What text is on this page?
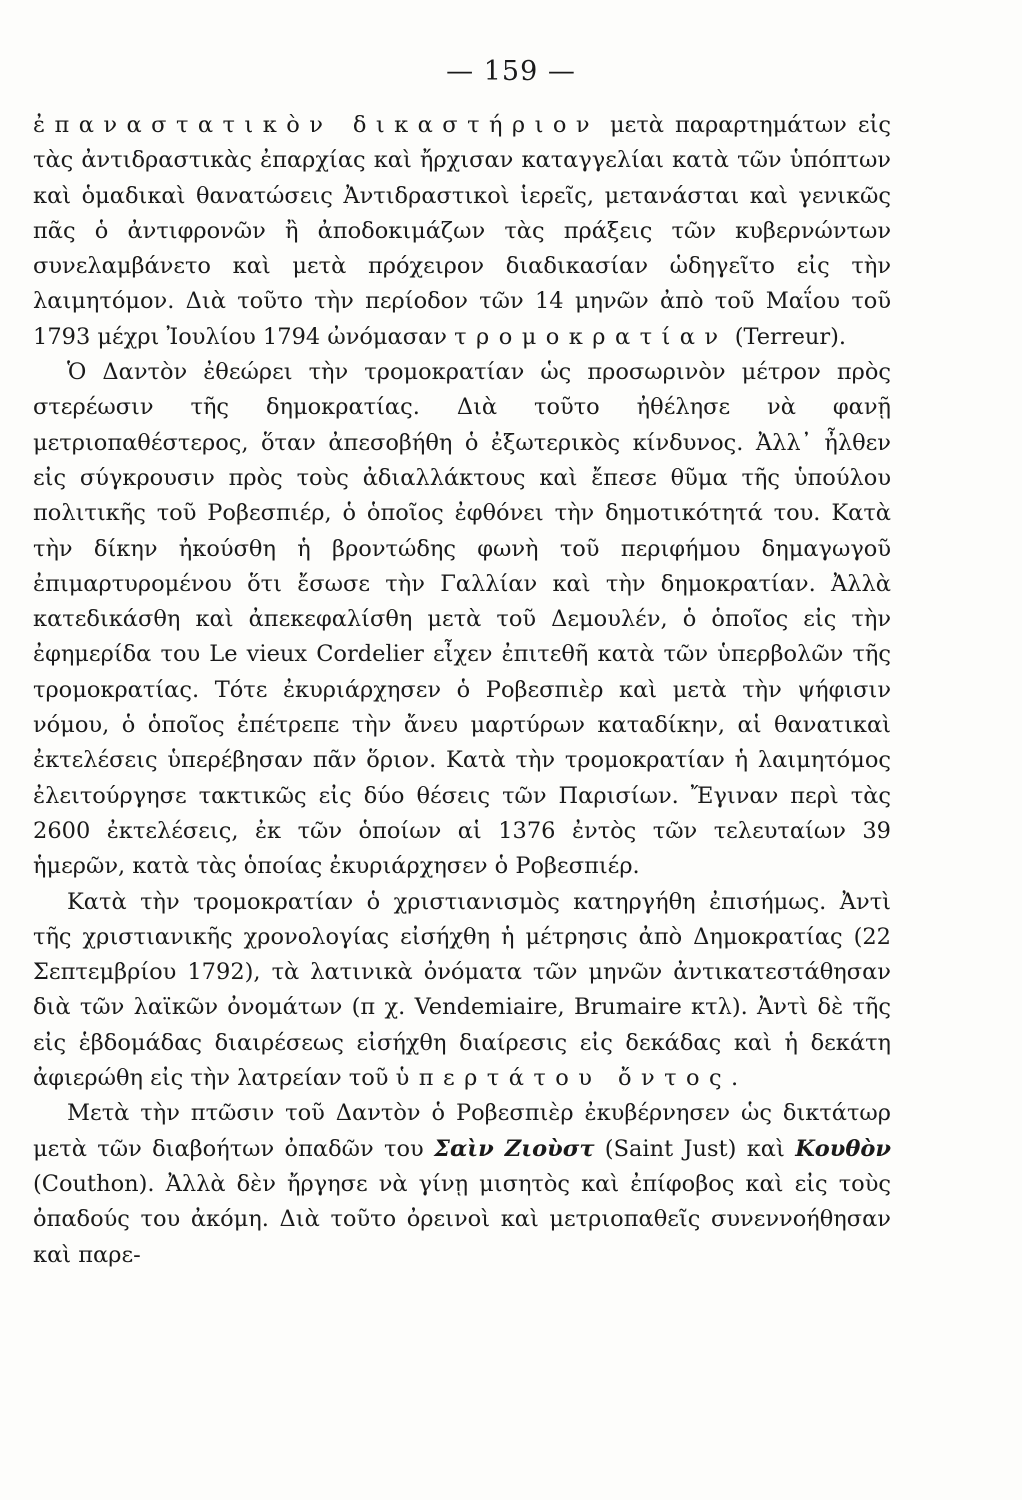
— 159 —

ἐπαναστατικὸν δικαστήριον μετὰ παραρτημάτων εἰς τὰς ἀντιδραστικὰς ἐπαρχίας καὶ ἤρχισαν καταγγελίαι κατὰ τῶν ὑπόπτων καὶ ὁμαδικαὶ θανατώσεις Ἀντιδραστικοὶ ἱερεῖς, μετανάσται καὶ γενικῶς πᾶς ὁ ἀντιφρονῶν ἢ ἀποδοκιμάζων τὰς πράξεις τῶν κυβερνώντων συνελαμβάνετο καὶ μετὰ πρόχειρον διαδικασίαν ὡδηγεῖτο εἰς τὴν λαιμητόμον. Διὰ τοῦτο τὴν περίοδον τῶν 14 μηνῶν ἀπὸ τοῦ Μαΐου τοῦ 1793 μέχρι Ἰουλίου 1794 ὠνόμασαν τρομοκρατίαν (Terreur).

Ὁ Δαντὸν ἐθεώρει τὴν τρομοκρατίαν ὡς προσωρινὸν μέτρον πρὸς στερέωσιν τῆς δημοκρατίας. Διὰ τοῦτο ἠθέλησε νὰ φανῇ μετριοπαθέστερος, ὅταν ἀπεσοβήθη ὁ ἐξωτερικὸς κίνδυνος. Ἀλλ᾽ ἦλθεν εἰς σύγκρουσιν πρὸς τοὺς ἀδιαλλάκτους καὶ ἔπεσε θῦμα τῆς ὑπούλου πολιτικῆς τοῦ Ροβεσπιέρ, ὁ ὁποῖος ἐφθόνει τὴν δημοτικότητά του. Κατὰ τὴν δίκην ἠκούσθη ἡ βροντώδης φωνὴ τοῦ περιφήμου δημαγωγοῦ ἐπιμαρτυρομένου ὅτι ἔσωσε τὴν Γαλλίαν καὶ τὴν δημοκρατίαν. Ἀλλὰ κατεδικάσθη καὶ ἀπεκεφαλίσθη μετὰ τοῦ Δεμουλέν, ὁ ὁποῖος εἰς τὴν ἐφημερίδα του Le vieux Cordelier εἶχεν ἐπιτεθῆ κατὰ τῶν ὑπερβολῶν τῆς τρομοκρατίας. Τότε ἐκυριάρχησεν ὁ Ροβεσπιὲρ καὶ μετὰ τὴν ψήφισιν νόμου, ὁ ὁποῖος ἐπέτρεπε τὴν ἄνευ μαρτύρων καταδίκην, αἱ θανατικαὶ ἐκτελέσεις ὑπερέβησαν πᾶν ὅριον. Κατὰ τὴν τρομοκρατίαν ἡ λαιμητόμος ἐλειτούργησε τακτικῶς εἰς δύο θέσεις τῶν Παρισίων. Ἔγιναν περὶ τὰς 2600 ἐκτελέσεις, ἐκ τῶν ὁποίων αἱ 1376 ἐντὸς τῶν τελευταίων 39 ἡμερῶν, κατὰ τὰς ὁποίας ἐκυριάρχησεν ὁ Ροβεσπιέρ.

Κατὰ τὴν τρομοκρατίαν ὁ χριστιανισμὸς κατηργήθη ἐπισήμως. Ἀντὶ τῆς χριστιανικῆς χρονολογίας εἰσήχθη ἡ μέτρησις ἀπὸ Δημοκρατίας (22 Σεπτεμβρίου 1792), τὰ λατινικὰ ὀνόματα τῶν μηνῶν ἀντικατεστάθησαν διὰ τῶν λαϊκῶν ὀνομάτων (π χ. Vendemiaire, Brumaire κτλ). Ἀντὶ δὲ τῆς εἰς ἑβδομάδας διαιρέσεως εἰσήχθη διαίρεσις εἰς δεκάδας καὶ ἡ δεκάτη ἀφιερώθη εἰς τὴν λατρείαν τοῦ ὑπερτάτου ὄντος.

Μετὰ τὴν πτῶσιν τοῦ Δαντὸν ὁ Ροβεσπιὲρ ἐκυβέρνησεν ὡς δικτάτωρ μετὰ τῶν διαβοήτων ὀπαδῶν του Σαὶν Ζιοὺστ (Saint Just) καὶ Κουθὸν (Couthon). Ἀλλὰ δὲν ἤργησε νὰ γίνῃ μισητὸς καὶ ἐπίφοβος καὶ εἰς τοὺς ὀπαδούς του ἀκόμη. Διὰ τοῦτο ὀρεινοὶ καὶ μετριοπαθεῖς συνεννοήθησαν καὶ παρε-
